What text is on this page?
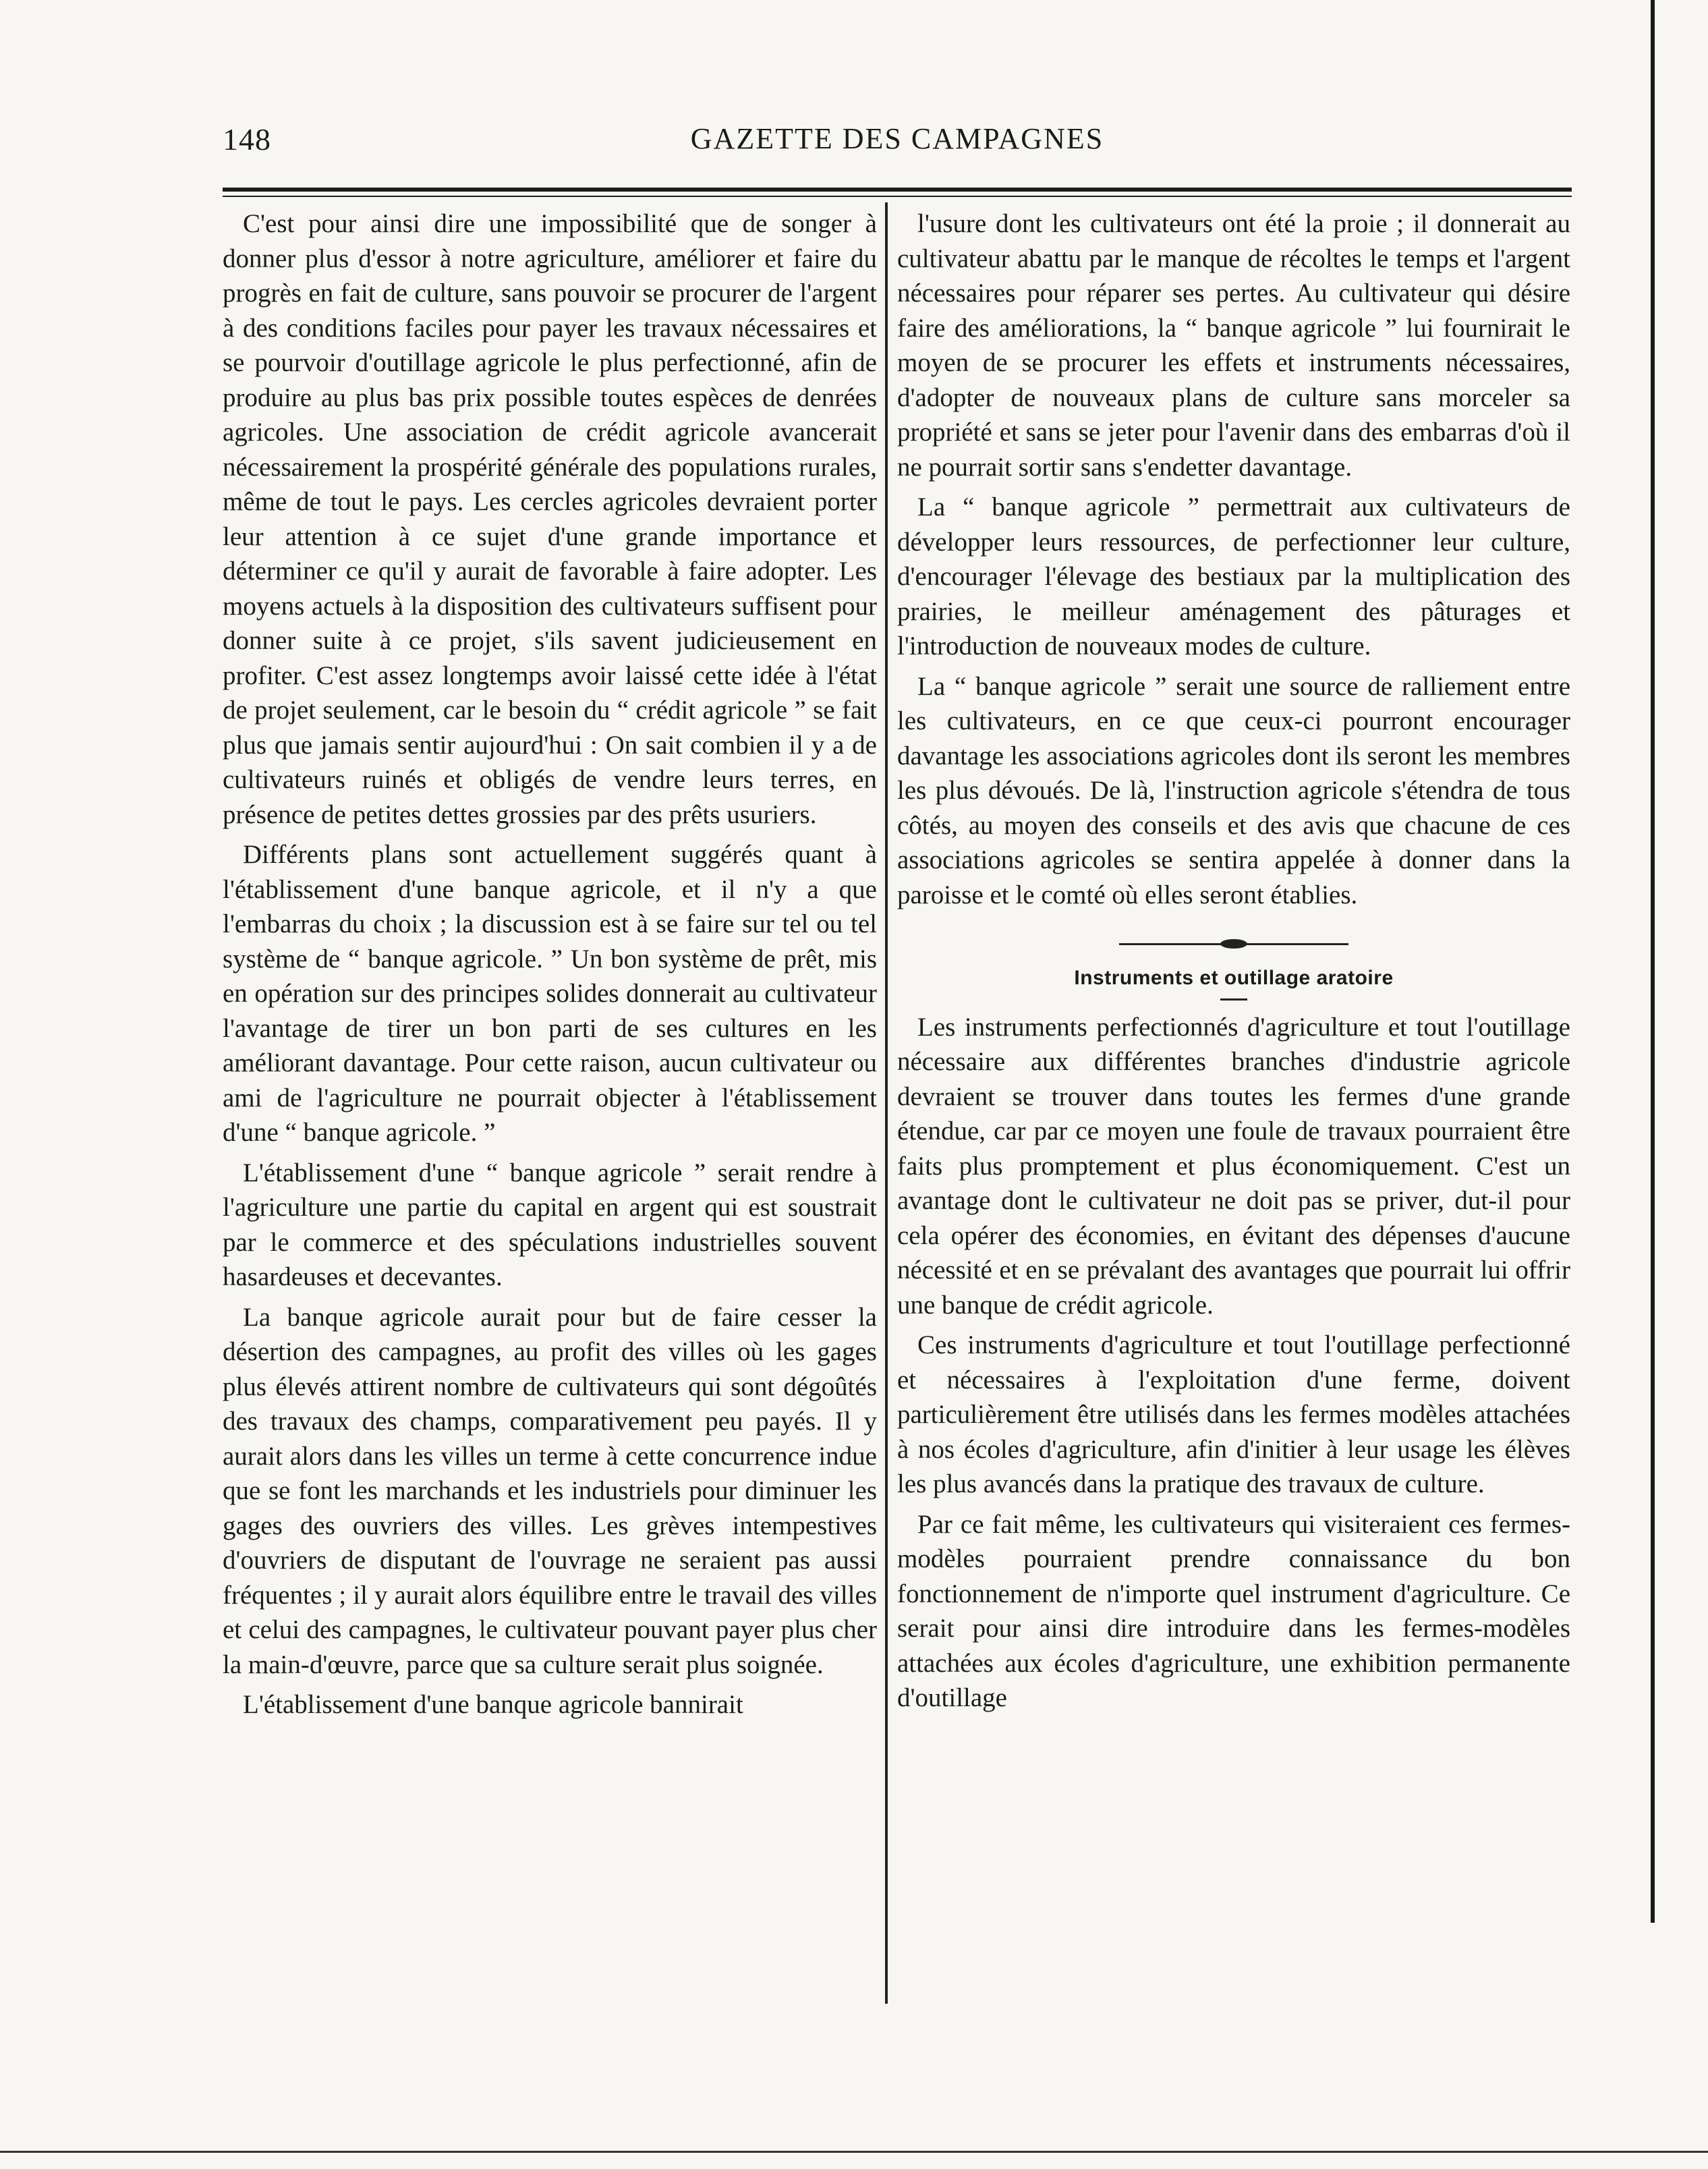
GAZETTE DES CAMPAGNES
148

C'est pour ainsi dire une impossibilité que de songer à donner plus d'essor à notre agriculture, améliorer et faire du progrès en fait de culture, sans pouvoir se procurer de l'argent à des conditions faciles pour payer les travaux nécessaires et se pourvoir d'outillage agricole le plus perfectionné, afin de produire au plus bas prix possible toutes espèces de denrées agricoles. Une association de crédit agricole avancerait nécessairement la prospérité générale des populations rurales, même de tout le pays. Les cercles agricoles devraient porter leur attention à ce sujet d'une grande importance et déterminer ce qu'il y aurait de favorable à faire adopter. Les moyens actuels à la disposition des cultivateurs suffisent pour donner suite à ce projet, s'ils savent judicieusement en profiter. C'est assez longtemps avoir laissé cette idée à l'état de projet seulement, car le besoin du “ crédit agricole ” se fait plus que jamais sentir aujourd'hui : On sait combien il y a de cultivateurs ruinés et obligés de vendre leurs terres, en présence de petites dettes grossies par des prêts usuriers.

Différents plans sont actuellement suggérés quant à l'établissement d'une banque agricole, et il n'y a que l'embarras du choix ; la discussion est à se faire sur tel ou tel système de “ banque agricole. ” Un bon système de prêt, mis en opération sur des principes solides donnerait au cultivateur l'avantage de tirer un bon parti de ses cultures en les améliorant davantage. Pour cette raison, aucun cultivateur ou ami de l'agriculture ne pourrait objecter à l'établissement d'une “ banque agricole. ”

L'établissement d'une “ banque agricole ” serait rendre à l'agriculture une partie du capital en argent qui est soustrait par le commerce et des spéculations industrielles souvent hasardeuses et decevantes.

La banque agricole aurait pour but de faire cesser la désertion des campagnes, au profit des villes où les gages plus élevés attirent nombre de cultivateurs qui sont dégoûtés des travaux des champs, comparativement peu payés. Il y aurait alors dans les villes un terme à cette concurrence indue que se font les marchands et les industriels pour diminuer les gages des ouvriers des villes. Les grèves intempestives d'ouvriers de disputant de l'ouvrage ne seraient pas aussi fréquentes ; il y aurait alors équilibre entre le travail des villes et celui des campagnes, le cultivateur pouvant payer plus cher la main-d'œuvre, parce que sa culture serait plus soignée.

L'établissement d'une banque agricole bannirait

l'usure dont les cultivateurs ont été la proie ; il donnerait au cultivateur abattu par le manque de récoltes le temps et l'argent nécessaires pour réparer ses pertes. Au cultivateur qui désire faire des améliorations, la “ banque agricole ” lui fournirait le moyen de se procurer les effets et instruments nécessaires, d'adopter de nouveaux plans de culture sans morceler sa propriété et sans se jeter pour l'avenir dans des embarras d'où il ne pourrait sortir sans s'endetter davantage.

La “ banque agricole ” permettrait aux cultivateurs de développer leurs ressources, de perfectionner leur culture, d'encourager l'élevage des bestiaux par la multiplication des prairies, le meilleur aménagement des pâturages et l'introduction de nouveaux modes de culture.

La “ banque agricole ” serait une source de ralliement entre les cultivateurs, en ce que ceux-ci pourront encourager davantage les associations agricoles dont ils seront les membres les plus dévoués. De là, l'instruction agricole s'étendra de tous côtés, au moyen des conseils et des avis que chacune de ces associations agricoles se sentira appelée à donner dans la paroisse et le comté où elles seront établies.

Instruments et outillage aratoire

Les instruments perfectionnés d'agriculture et tout l'outillage nécessaire aux différentes branches d'industrie agricole devraient se trouver dans toutes les fermes d'une grande étendue, car par ce moyen une foule de travaux pourraient être faits plus promptement et plus économiquement. C'est un avantage dont le cultivateur ne doit pas se priver, dut-il pour cela opérer des économies, en évitant des dépenses d'aucune nécessité et en se prévalant des avantages que pourrait lui offrir une banque de crédit agricole.

Ces instruments d'agriculture et tout l'outillage perfectionné et nécessaires à l'exploitation d'une ferme, doivent particulièrement être utilisés dans les fermes modèles attachées à nos écoles d'agriculture, afin d'initier à leur usage les élèves les plus avancés dans la pratique des travaux de culture.

Par ce fait même, les cultivateurs qui visiteraient ces fermes-modèles pourraient prendre connaissance du bon fonctionnement de n'importe quel instrument d'agriculture. Ce serait pour ainsi dire introduire dans les fermes-modèles attachées aux écoles d'agriculture, une exhibition permanente d'outillage
